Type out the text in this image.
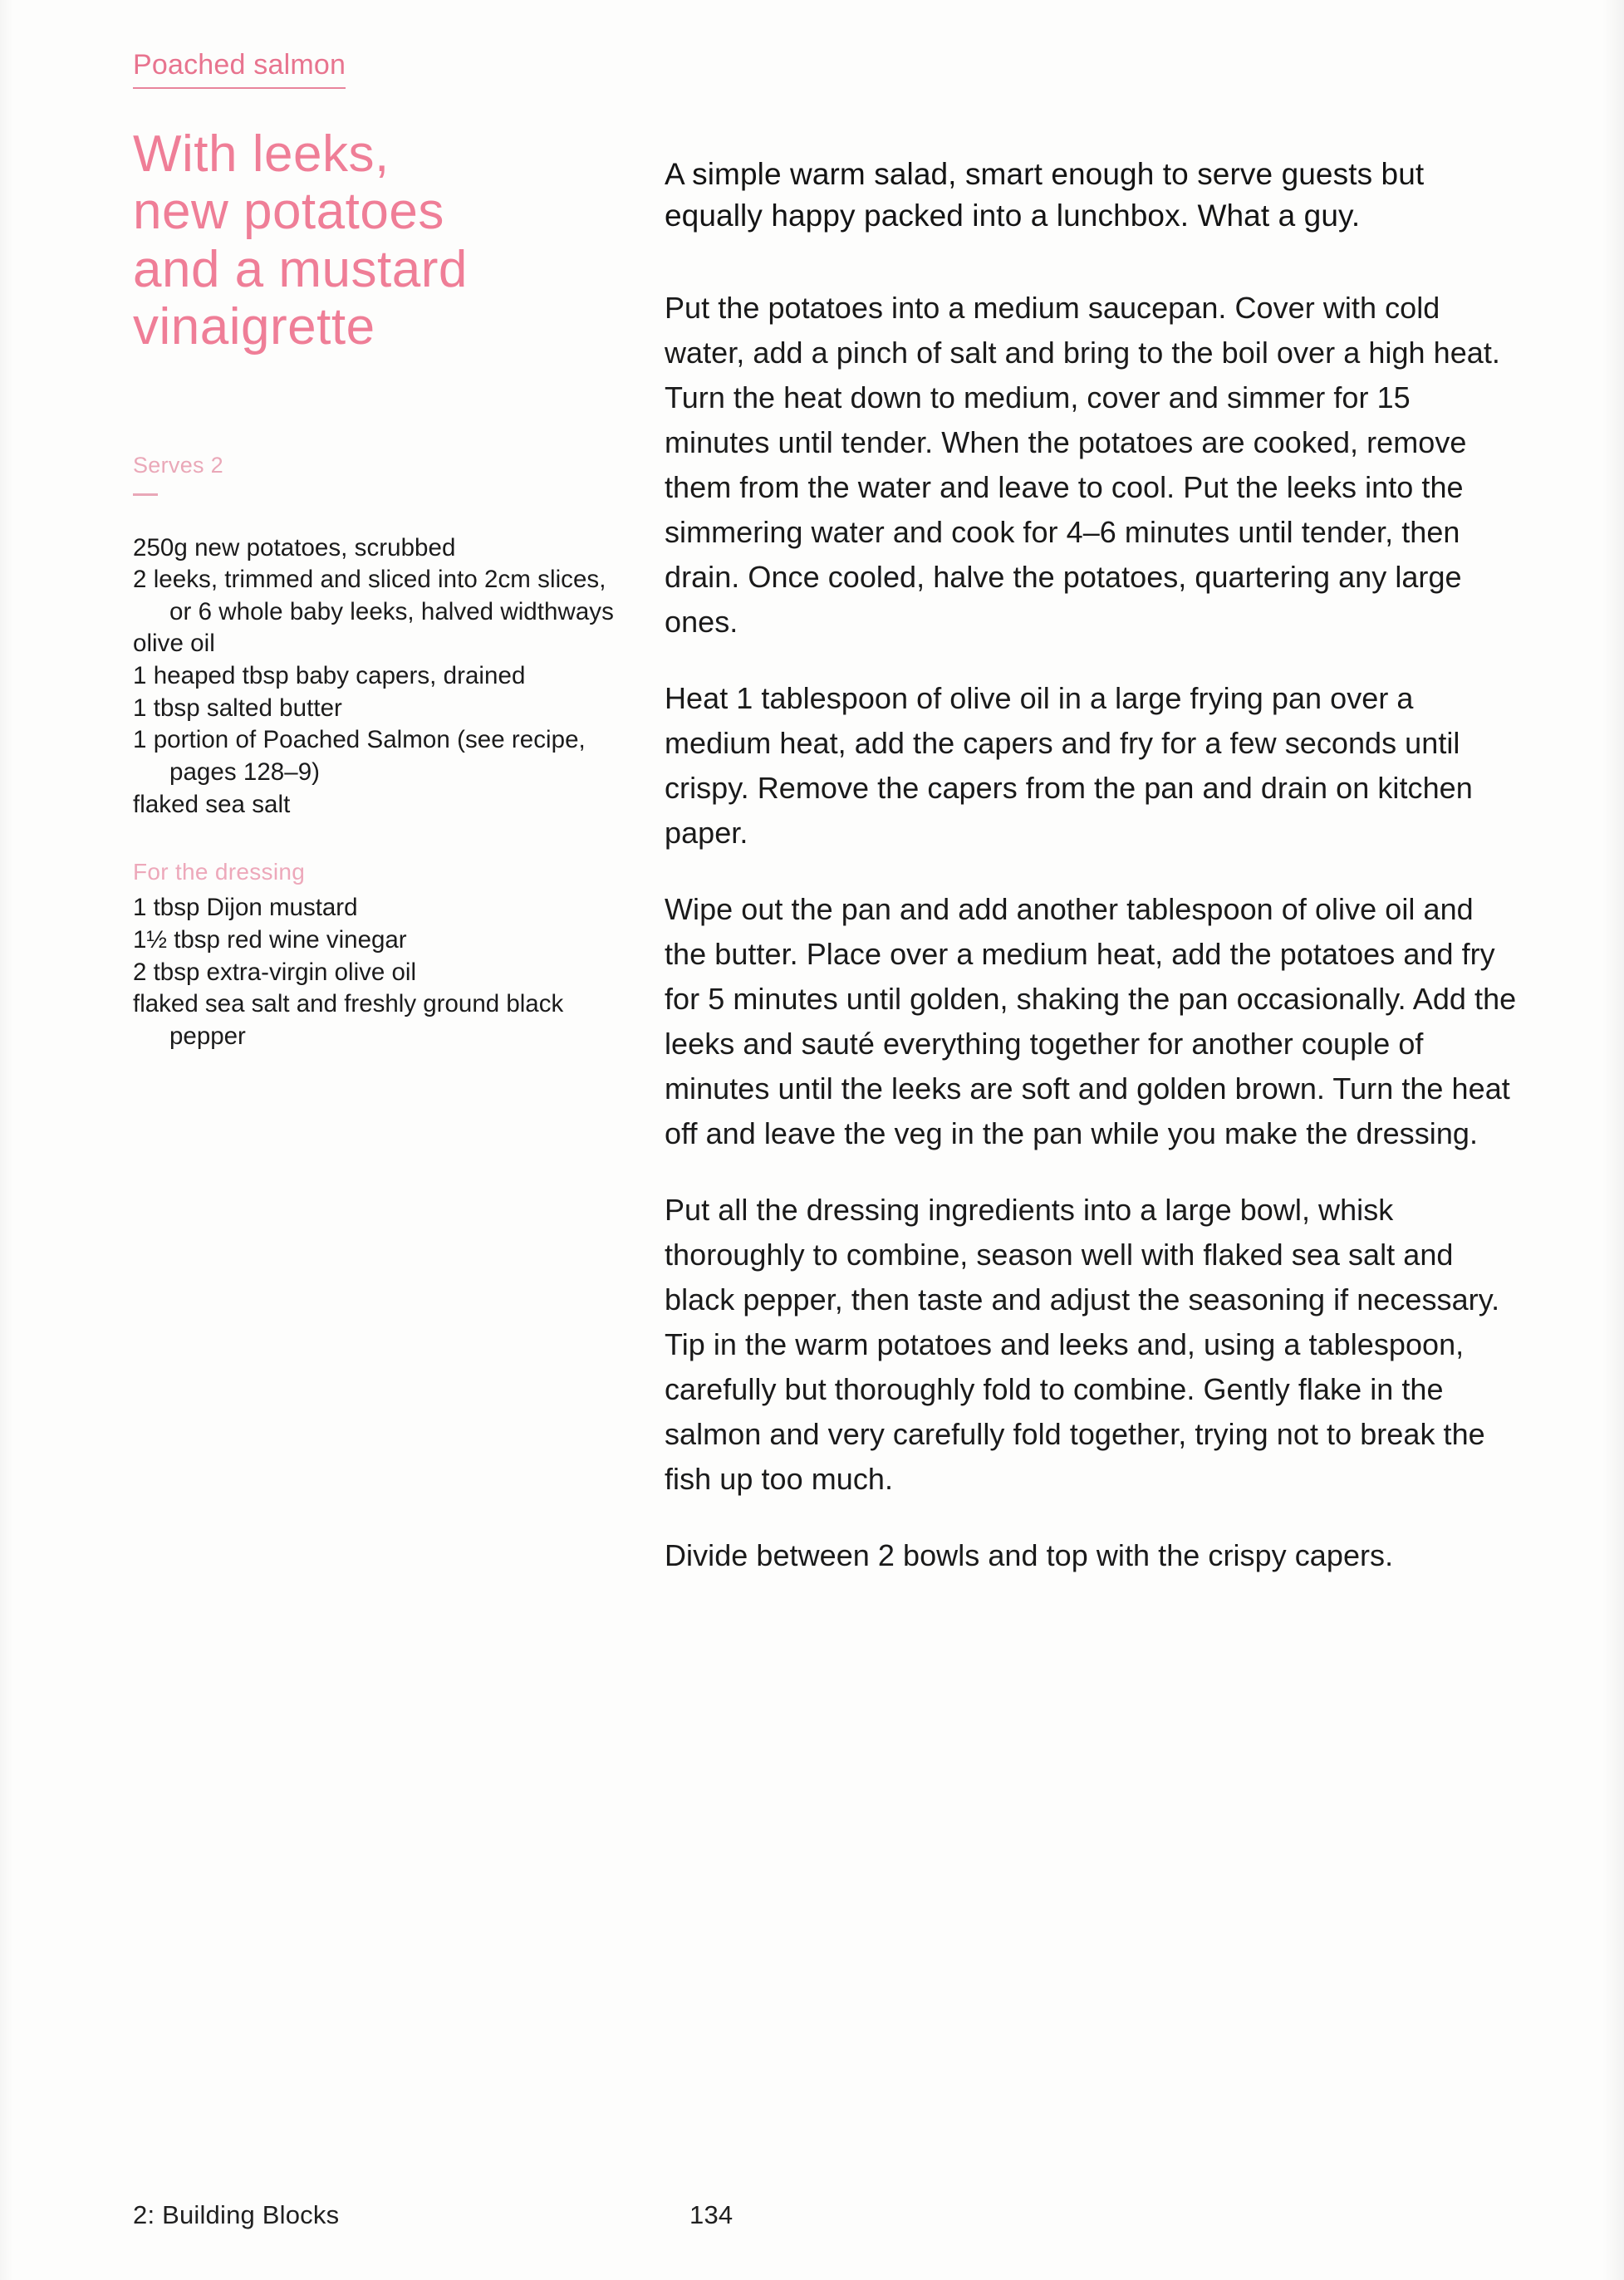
Poached salmon
With leeks,
new potatoes
and a mustard
vinaigrette
Serves 2
250g new potatoes, scrubbed
2 leeks, trimmed and sliced into 2cm slices, or 6 whole baby leeks, halved widthways
olive oil
1 heaped tbsp baby capers, drained
1 tbsp salted butter
1 portion of Poached Salmon (see recipe, pages 128–9)
flaked sea salt
For the dressing
1 tbsp Dijon mustard
1½ tbsp red wine vinegar
2 tbsp extra-virgin olive oil
flaked sea salt and freshly ground black pepper
A simple warm salad, smart enough to serve guests but equally happy packed into a lunchbox. What a guy.

Put the potatoes into a medium saucepan. Cover with cold water, add a pinch of salt and bring to the boil over a high heat. Turn the heat down to medium, cover and simmer for 15 minutes until tender. When the potatoes are cooked, remove them from the water and leave to cool. Put the leeks into the simmering water and cook for 4–6 minutes until tender, then drain. Once cooled, halve the potatoes, quartering any large ones.

Heat 1 tablespoon of olive oil in a large frying pan over a medium heat, add the capers and fry for a few seconds until crispy. Remove the capers from the pan and drain on kitchen paper.

Wipe out the pan and add another tablespoon of olive oil and the butter. Place over a medium heat, add the potatoes and fry for 5 minutes until golden, shaking the pan occasionally. Add the leeks and sauté everything together for another couple of minutes until the leeks are soft and golden brown. Turn the heat off and leave the veg in the pan while you make the dressing.

Put all the dressing ingredients into a large bowl, whisk thoroughly to combine, season well with flaked sea salt and black pepper, then taste and adjust the seasoning if necessary. Tip in the warm potatoes and leeks and, using a tablespoon, carefully but thoroughly fold to combine. Gently flake in the salmon and very carefully fold together, trying not to break the fish up too much.

Divide between 2 bowls and top with the crispy capers.

2: Building Blocks	134
